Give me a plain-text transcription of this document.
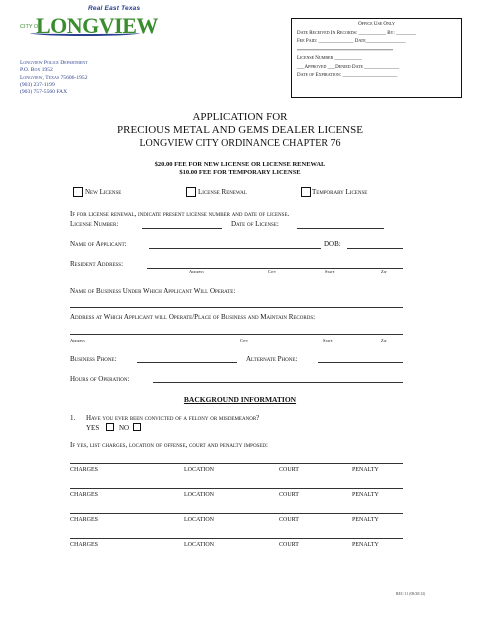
Real East Texas
CITY OF
LONGVIEW
Longview Police Department
P.O. Box 1952
Longview, Texas 75606-1952
(903) 237-1199
(903) 757-5560 FAX
Office Use Only
Date Received In Records: ___________ By: ________
Fee Paid: ______________ Date________________
************************************************
License Number ___________
___Approved ___Denied Date ______________
Date of Expiration: ______________________
APPLICATION FOR
PRECIOUS METAL AND GEMS DEALER LICENSE
LONGVIEW CITY ORDINANCE CHAPTER 76
$20.00 FEE FOR NEW LICENSE OR LICENSE RENEWAL
$10.00 FEE FOR TEMPORARY LICENSE
New License	License Renewal	Temporary License
If for license renewal, indicate present license number and date of license.
License Number:	Date of License:
Name of Applicant:	DOB:
Resident Address:
Address	City	State	Zip
Name of Business Under Which Applicant Will Operate:
Address at Which Applicant will Operate/Place of Business and Maintain Records:
Address	City	State	Zip
Business Phone:	Alternate Phone:
Hours of Operation:
BACKGROUND INFORMATION
1. Have you ever been convicted of a felony or misdemeanor?
YES	NO
If yes, list charges, location of offense, court and penalty imposed:
CHARGES	LOCATION	COURT	PENALTY
CHARGES	LOCATION	COURT	PENALTY
CHARGES	LOCATION	COURT	PENALTY
CHARGES	LOCATION	COURT	PENALTY
REC-11 (08/20/12)
